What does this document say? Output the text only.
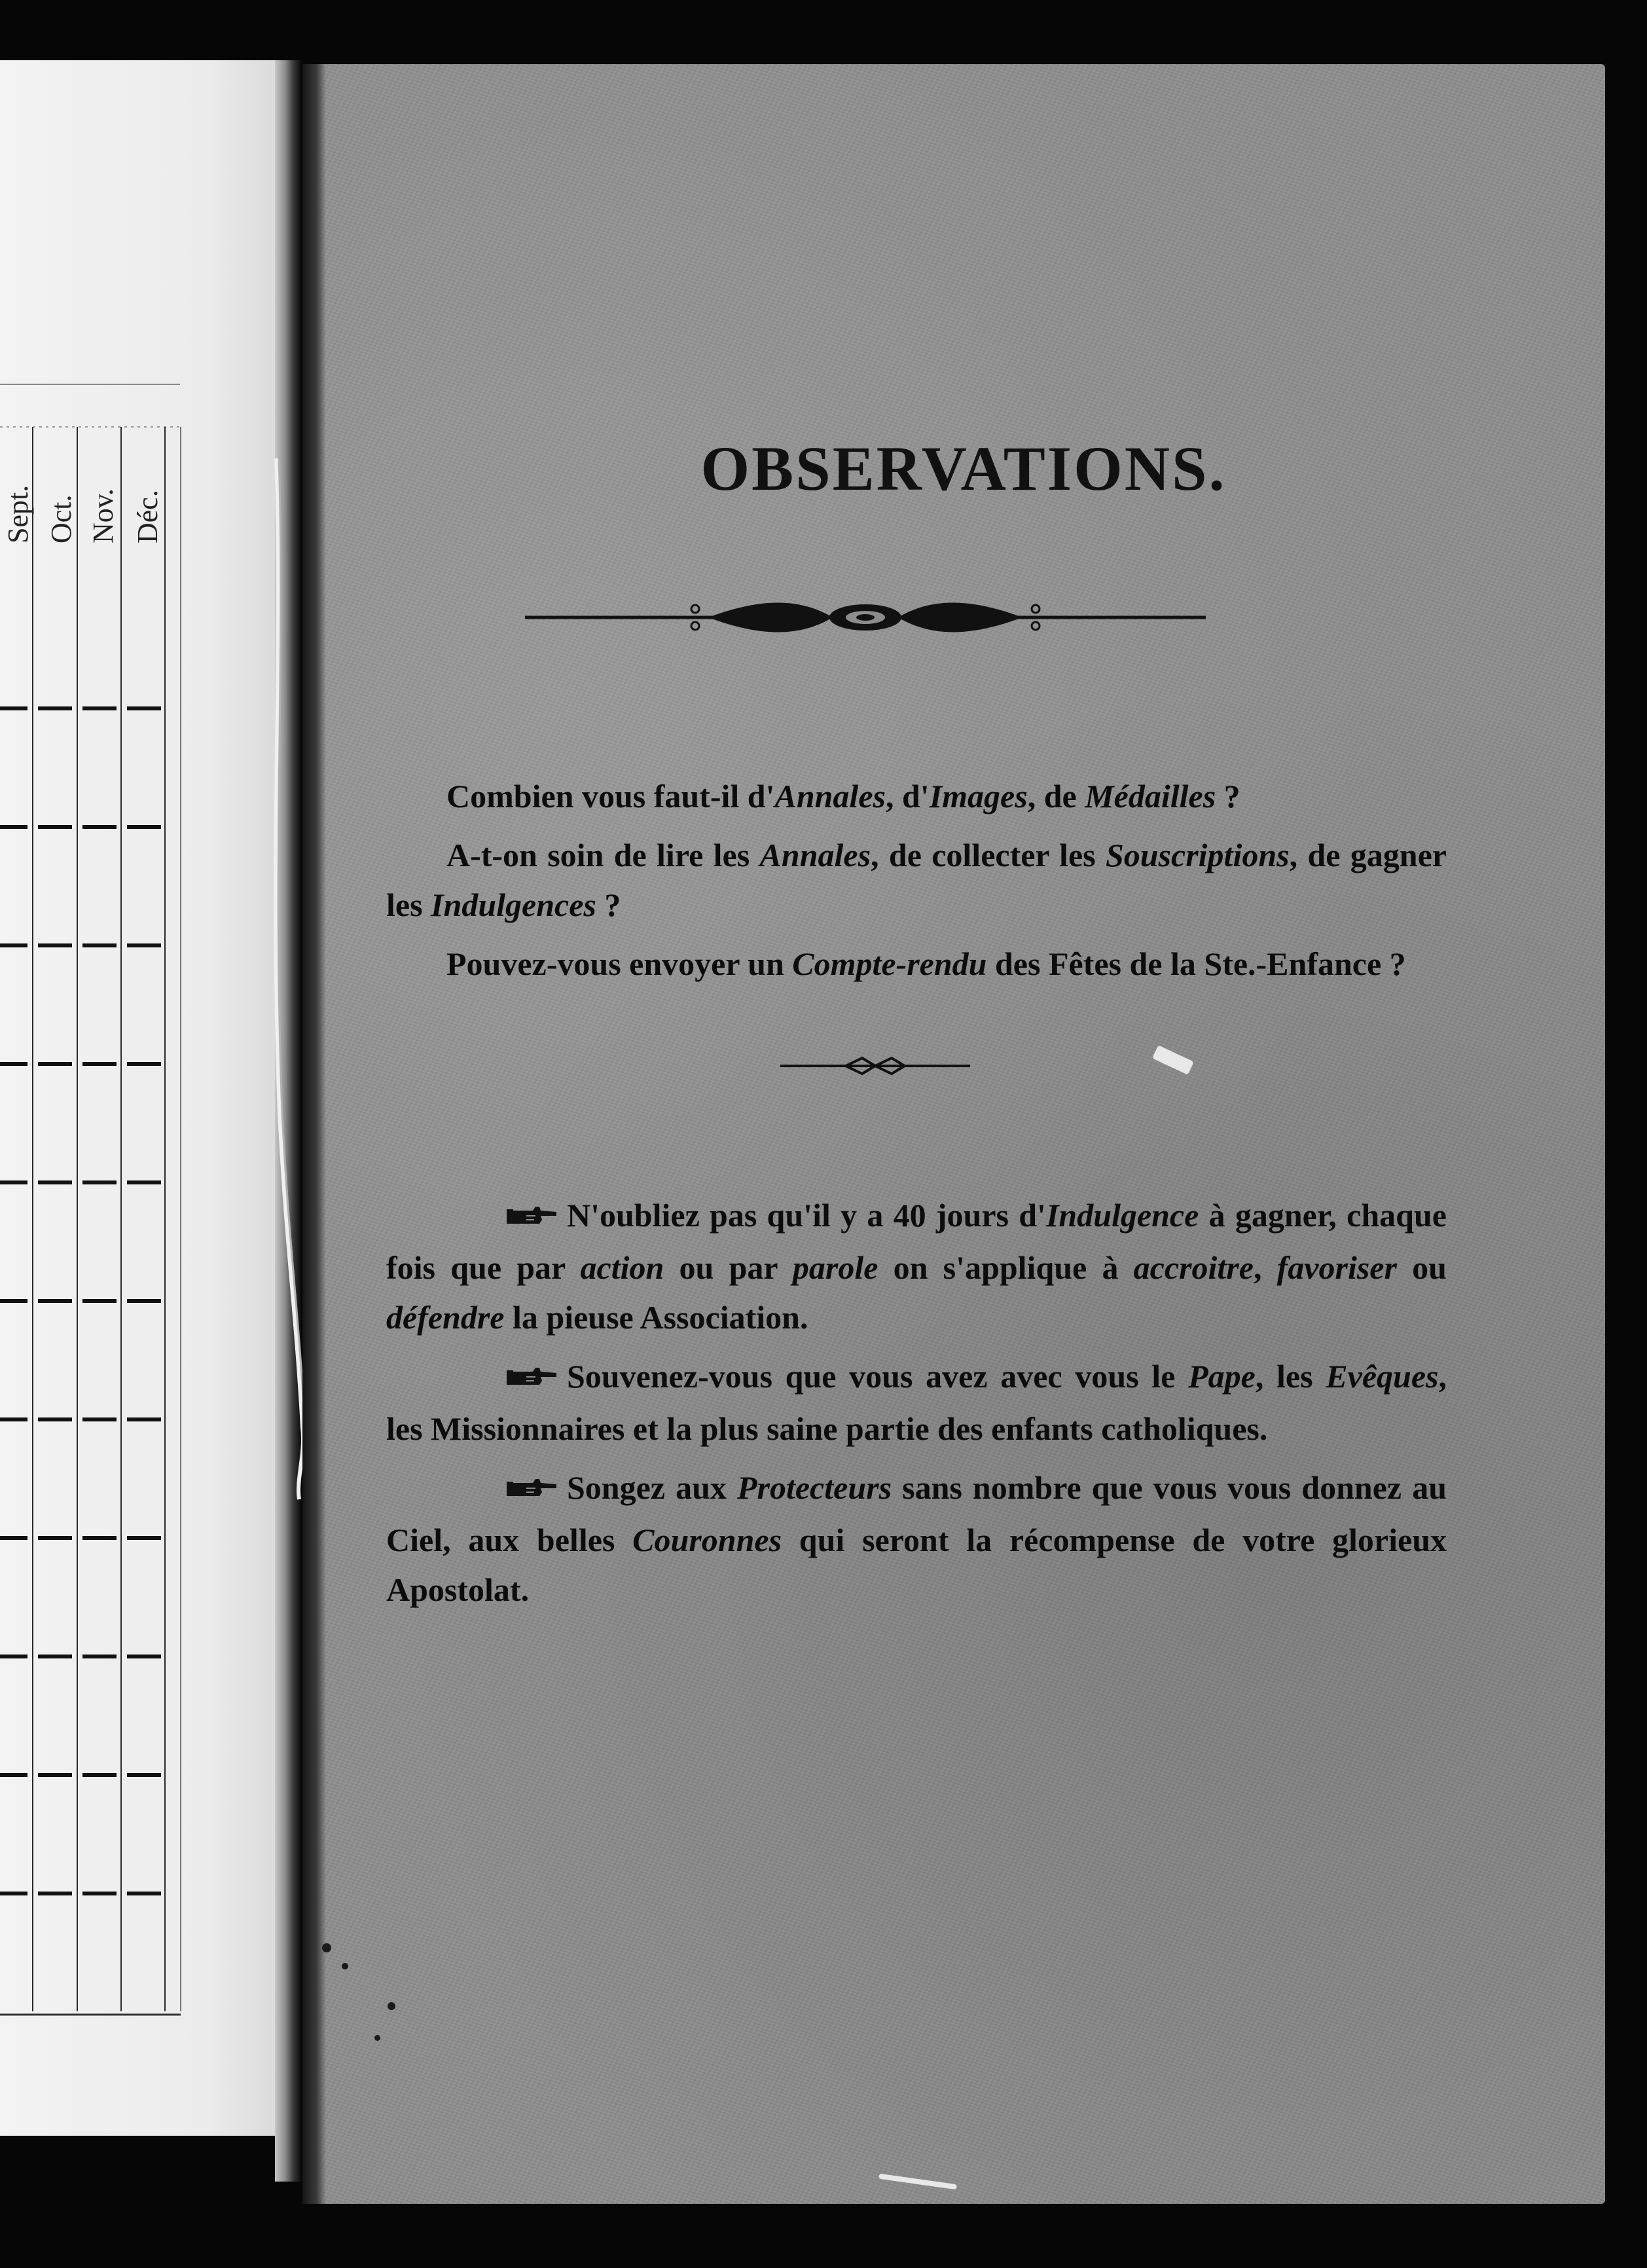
Sept. Oct. Nov. Déc.
OBSERVATIONS.

Combien vous faut-il d'Annales, d'Images, de Médailles ?

A-t-on soin de lire les Annales, de collecter les Souscriptions, de gagner les Indulgences ?

Pouvez-vous envoyer un Compte-rendu des Fêtes de la Ste.-Enfance ?

N'oubliez pas qu'il y a 40 jours d'Indulgence à gagner, chaque fois que par action ou par parole on s'applique à accroitre, favoriser ou défendre la pieuse Association.

Souvenez-vous que vous avez avec vous le Pape, les Evêques, les Missionnaires et la plus saine partie des enfants catholiques.

Songez aux Protecteurs sans nombre que vous vous donnez au Ciel, aux belles Couronnes qui seront la récompense de votre glorieux Apostolat.
